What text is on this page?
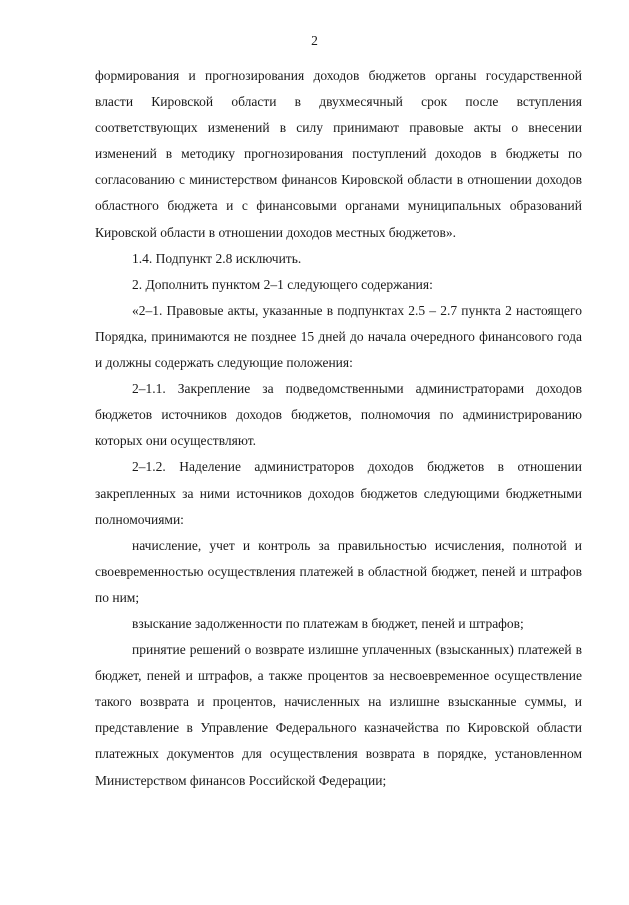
2

формирования и прогнозирования доходов бюджетов органы государственной власти Кировской области в двухмесячный срок после вступления соответствующих изменений в силу принимают правовые акты о внесении изменений в методику прогнозирования поступлений доходов в бюджеты по согласованию с министерством финансов Кировской области в отношении доходов областного бюджета и с финансовыми органами муниципальных образований Кировской области в отношении доходов местных бюджетов».

1.4. Подпункт 2.8 исключить.

2. Дополнить пунктом 2–1 следующего содержания:

«2–1. Правовые акты, указанные в подпунктах 2.5 – 2.7 пункта 2 настоящего Порядка, принимаются не позднее 15 дней до начала очередного финансового года и должны содержать следующие положения:

2–1.1. Закрепление за подведомственными администраторами доходов бюджетов источников доходов бюджетов, полномочия по администрированию которых они осуществляют.

2–1.2. Наделение администраторов доходов бюджетов в отношении закрепленных за ними источников доходов бюджетов следующими бюджетными полномочиями:

начисление, учет и контроль за правильностью исчисления, полнотой и своевременностью осуществления платежей в областной бюджет, пеней и штрафов по ним;

взыскание задолженности по платежам в бюджет, пеней и штрафов;

принятие решений о возврате излишне уплаченных (взысканных) платежей в бюджет, пеней и штрафов, а также процентов за несвоевременное осуществление такого возврата и процентов, начисленных на излишне взысканные суммы, и представление в Управление Федерального казначейства по Кировской области платежных документов для осуществления возврата в порядке, установленном Министерством финансов Российской Федерации;
